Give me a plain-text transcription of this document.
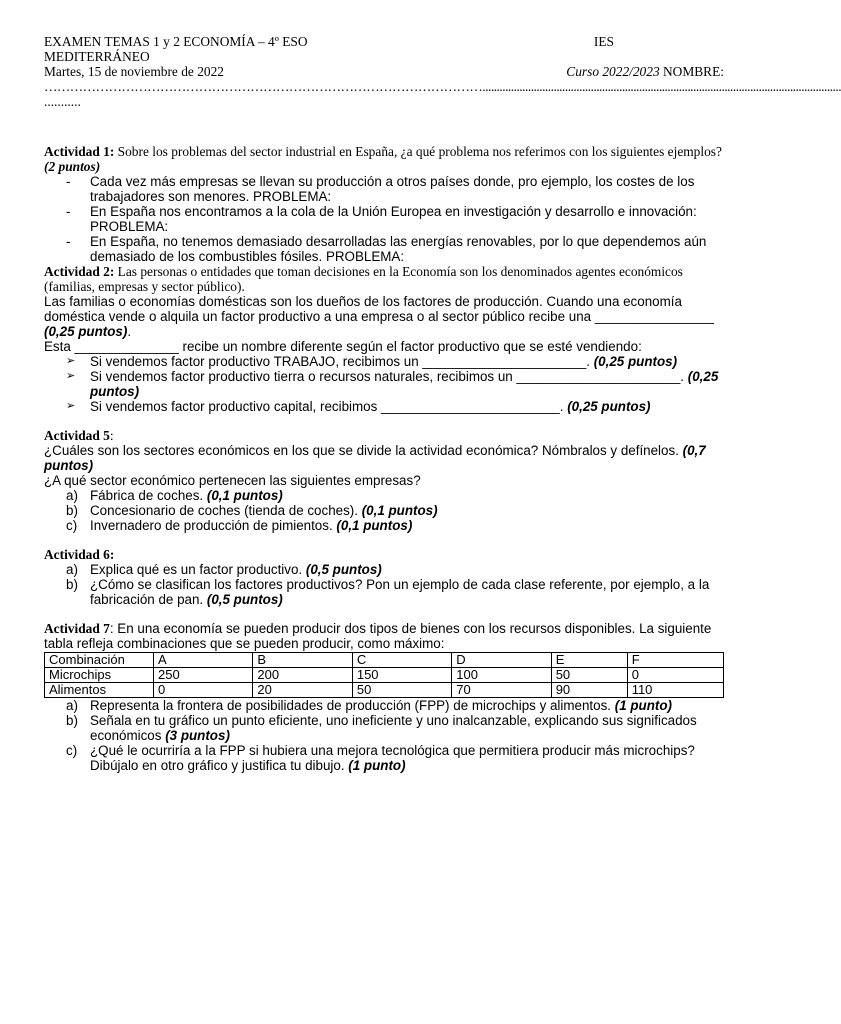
EXAMEN TEMAS 1 y 2 ECONOMÍA – 4º ESO	IES
MEDITERRÁNEO
Martes, 15 de noviembre de 2022	Curso 2022/2023 NOMBRE:
…………………………………………………………………………………………..............................................................................................................................
...........
Actividad 1: Sobre los problemas del sector industrial en España, ¿a qué problema nos referimos con los siguientes ejemplos? (2 puntos)
- Cada vez más empresas se llevan su producción a otros países donde, pro ejemplo, los costes de los trabajadores son menores. PROBLEMA:
- En España nos encontramos a la cola de la Unión Europea en investigación y desarrollo e innovación: PROBLEMA:
- En España, no tenemos demasiado desarrolladas las energías renovables, por lo que dependemos aún demasiado de los combustibles fósiles. PROBLEMA:
Actividad 2: Las personas o entidades que toman decisiones en la Economía son los denominados agentes económicos (familias, empresas y sector público).
Las familias o economías domésticas son los dueños de los factores de producción. Cuando una economía doméstica vende o alquila un factor productivo a una empresa o al sector público recibe una ________________ (0,25 puntos).
Esta ______________ recibe un nombre diferente según el factor productivo que se esté vendiendo:
➢ Si vendemos factor productivo TRABAJO, recibimos un ______________________. (0,25 puntos)
➢ Si vendemos factor productivo tierra o recursos naturales, recibimos un ______________________. (0,25 puntos)
➢ Si vendemos factor productivo capital, recibimos ________________________. (0,25 puntos)
Actividad 5:
¿Cuáles son los sectores económicos en los que se divide la actividad económica? Nómbralos y defínelos. (0,7 puntos)
¿A qué sector económico pertenecen las siguientes empresas?
a) Fábrica de coches. (0,1 puntos)
b) Concesionario de coches (tienda de coches). (0,1 puntos)
c) Invernadero de producción de pimientos. (0,1 puntos)
Actividad 6:
a) Explica qué es un factor productivo. (0,5 puntos)
b) ¿Cómo se clasifican los factores productivos? Pon un ejemplo de cada clase referente, por ejemplo, a la fabricación de pan. (0,5 puntos)
Actividad 7: En una economía se pueden producir dos tipos de bienes con los recursos disponibles. La siguiente tabla refleja combinaciones que se pueden producir, como máximo:
Combinación	A	B	C	D	E	F
Microchips	250	200	150	100	50	0
Alimentos	0	20	50	70	90	110
a) Representa la frontera de posibilidades de producción (FPP) de microchips y alimentos. (1 punto)
b) Señala en tu gráfico un punto eficiente, uno ineficiente y uno inalcanzable, explicando sus significados económicos (3 puntos)
c) ¿Qué le ocurriría a la FPP si hubiera una mejora tecnológica que permitiera producir más microchips? Dibújalo en otro gráfico y justifica tu dibujo. (1 punto)
